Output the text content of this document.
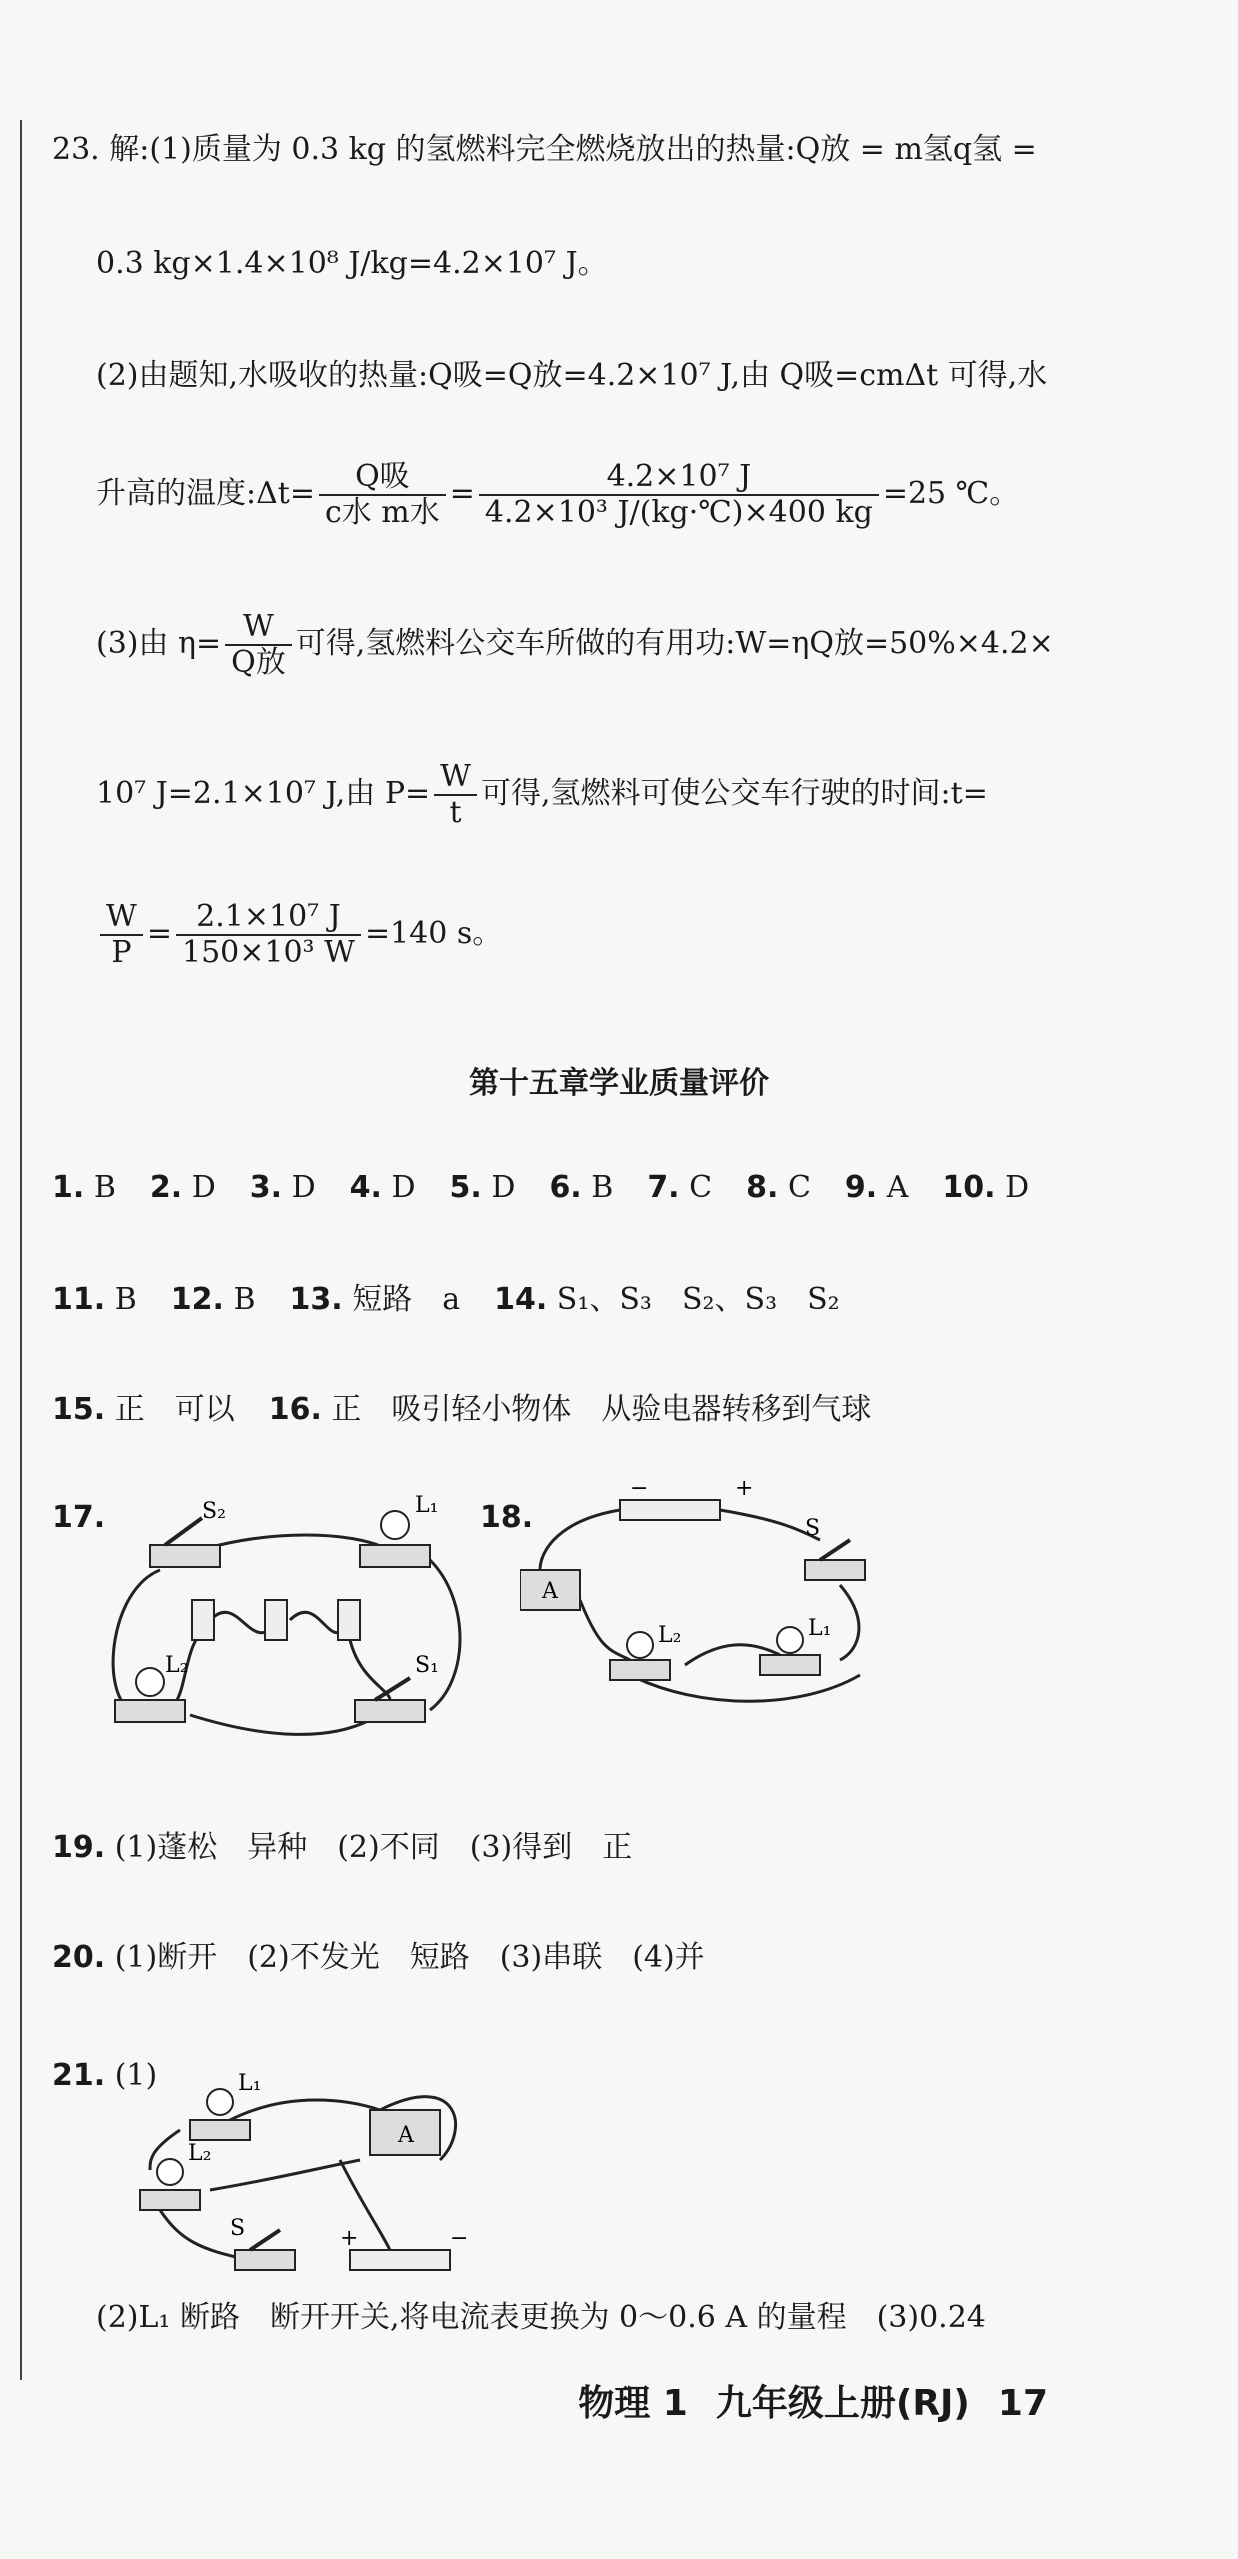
23. 解:(1)质量为 0.3 kg 的氢燃料完全燃烧放出的热量:Q放 = m氢q氢 =
0.3 kg×1.4×10⁸ J/kg=4.2×10⁷ J。
(2)由题知,水吸收的热量:Q吸=Q放=4.2×10⁷ J,由 Q吸=cmΔt 可得,水
升高的温度:Δt= $\frac{\text{Q吸}}{\text{c水 m水}} = \frac{\text{4.2×10⁷ J}}{\text{4.2×10³ J/(kg·℃)×400 kg}} =25$ ℃。
(3)由 $\eta= \frac{W}{\text{Q放}}$ 可得,氢燃料公交车所做的有用功:W=ηQ放=50%×4.2×
10⁷ J=2.1×10⁷ J,由 $P= \frac{W}{t}$ 可得,氢燃料可使公交车行驶的时间:t=
$\frac{W}{P} = \frac{\text{2.1×10⁷ J}}{\text{150×10³ W}} =140$ s。
第十五章学业质量评价
1. B 2. D 3. D 4. D 5. D 6. B 7. C 8. C 9. A 10. D
11. B 12. B 13. 短路　a 14. S₁、S₃　S₂、S₃　S₂
15. 正　可以 16. 正　吸引轻小物体　从验电器转移到气球
17.	S₂	L₁
L₂	S₁
18.
−	+
S
A
L₂	L₁
19. (1)蓬松　异种　(2)不同　(3)得到　正
20. (1)断开　(2)不发光　短路　(3)串联　(4)并
21. (1)	L₁
A
L₂
S	+	−
(2)L₁ 断路　断开开关,将电流表更换为 0～0.6 A 的量程　(3)0.24
物理 1 九年级上册(RJ) 17
